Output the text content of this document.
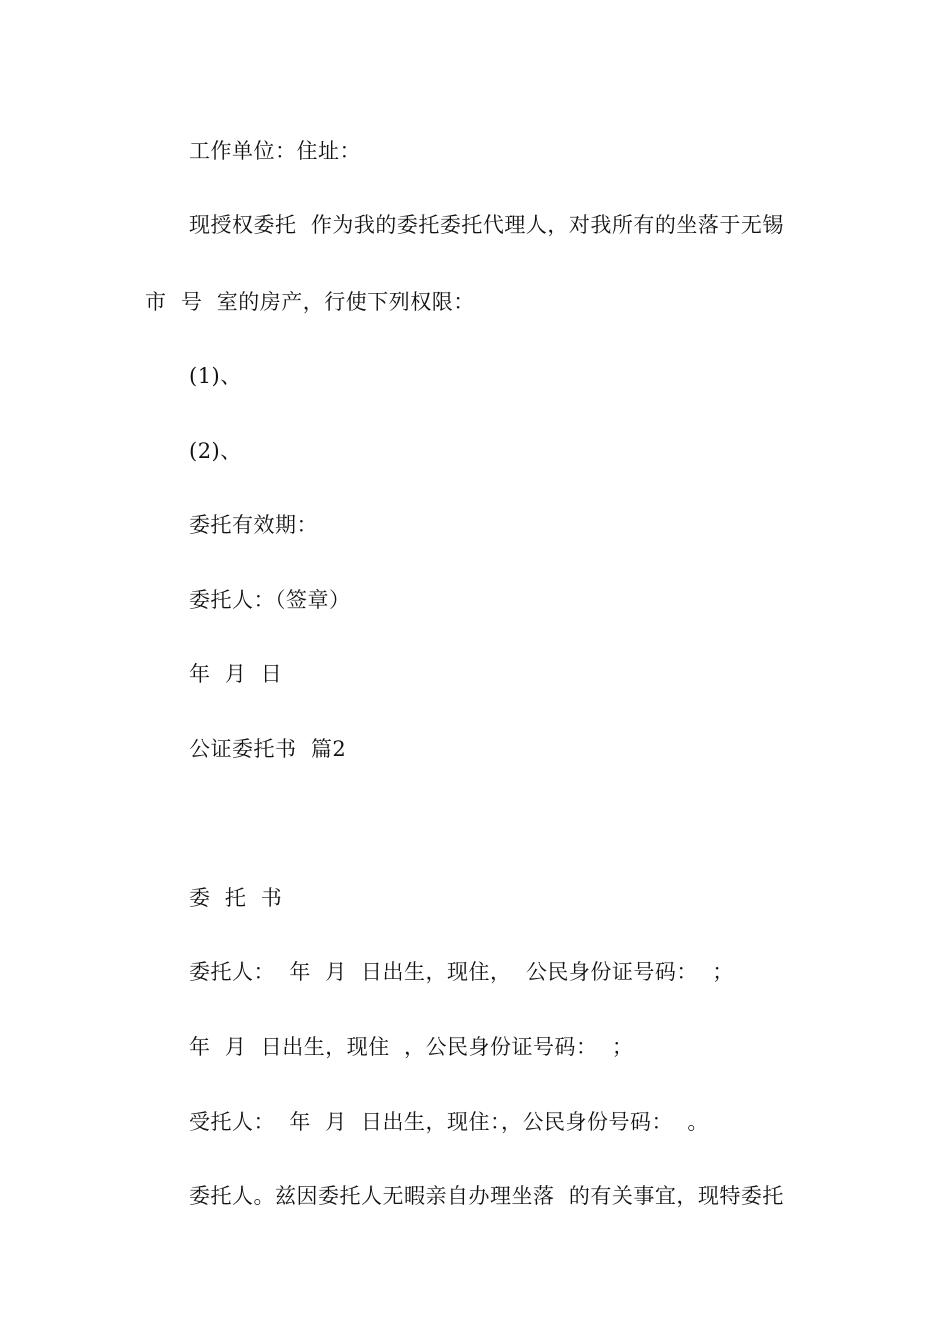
工作单位：住址：
现授权委托  作为我的委托委托代理人，对我所有的坐落于无锡
市  号  室的房产，行使下列权限：
(1)、
(2)、
委托有效期：
委托人：（签章）
年  月  日
公证委托书  篇2
委  托  书
委托人：  年  月  日出生，现住，  公民身份证号码：  ；
年  月  日出生，现住  ，公民身份证号码：  ；
受托人：  年  月  日出生，现住：，公民身份号码：  。
委托人。兹因委托人无暇亲自办理坐落  的有关事宜，现特委托
